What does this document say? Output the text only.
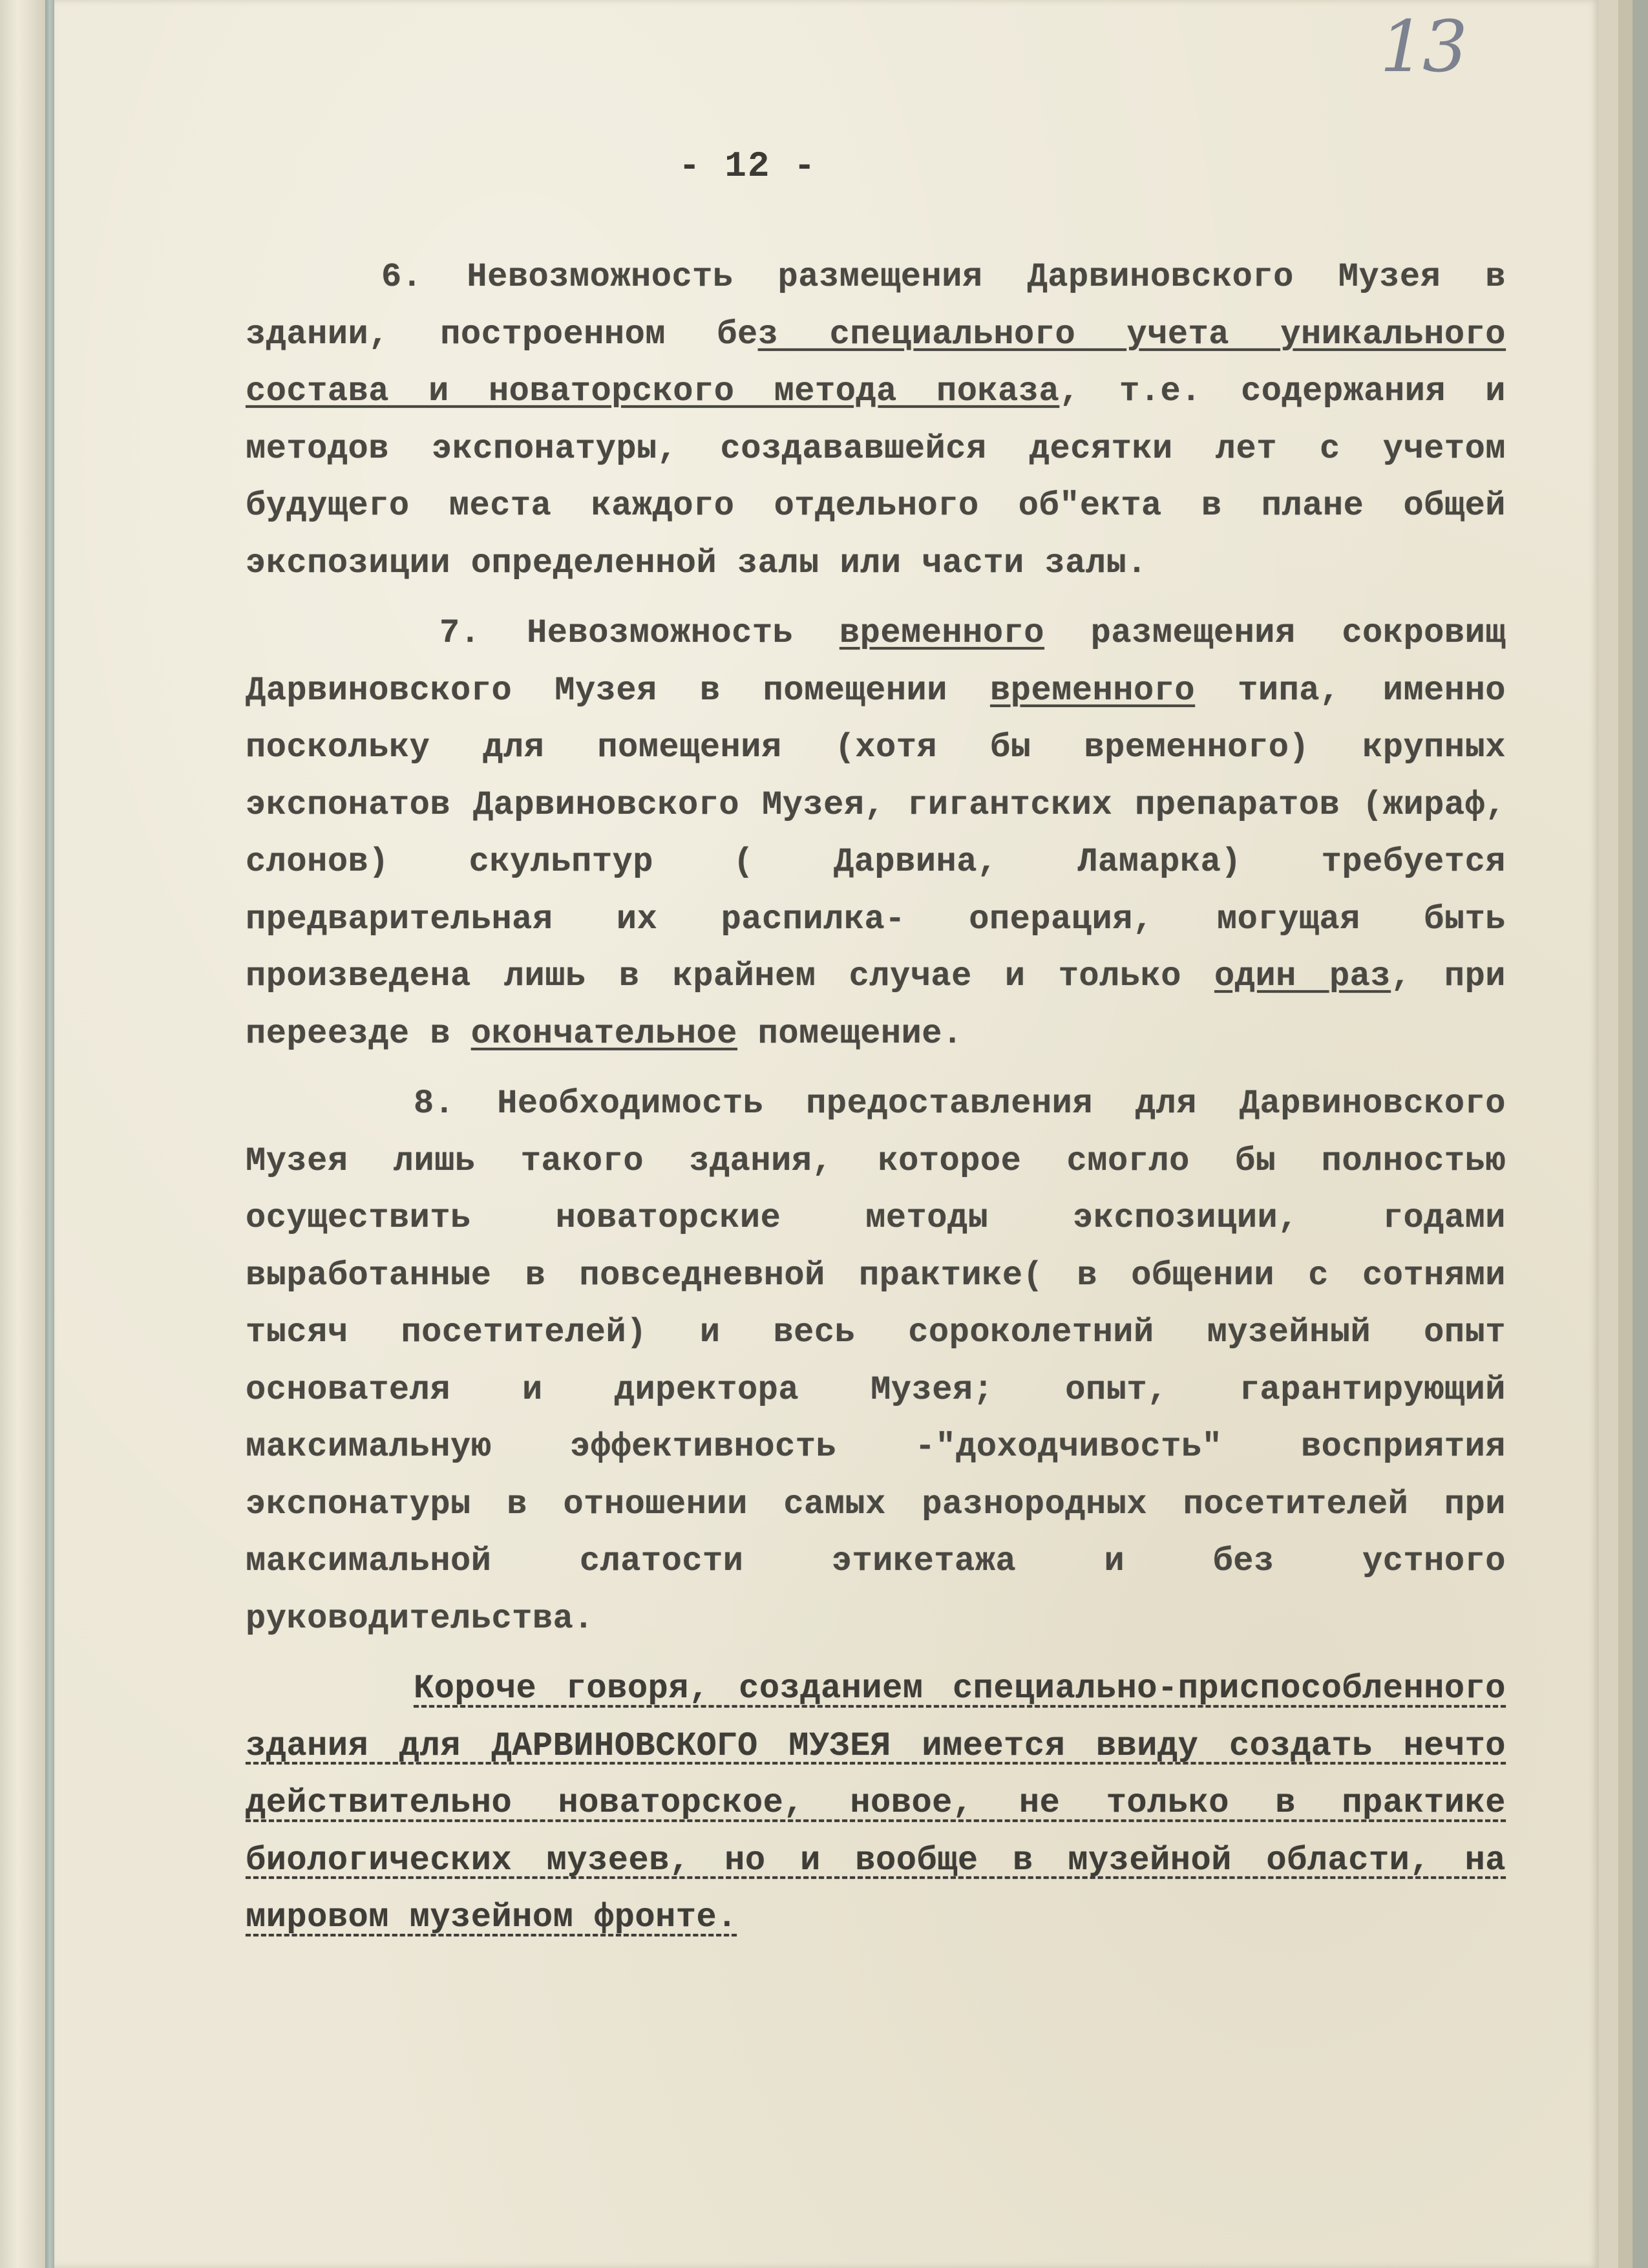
13
- 12 -

6. Невозможность размещения Дарвиновского Музея в здании, построенном без специального учета уникального состава и новаторского метода показа, т.е. содержания и методов экспонатуры, создававшейся десятки лет с учетом будущего места каждого отдельного об"екта в плане общей экспозиции определенной залы или части залы.

7. Невозможность временного размещения сокровищ Дарвиновского Музея в помещении временного типа, именно поскольку для помещения (хотя бы временного) крупных экспонатов Дарвиновского Музея, гигантских препаратов (жираф, слонов) скульптур ( Дарвина, Ламарка) требуется предварительная их распилка- операция, могущая быть произведена лишь в крайнем случае и только один раз, при переезде в окончательное помещение.

8. Необходимость предоставления для Дарвиновского Музея лишь такого здания, которое смогло бы полностью осуществить новаторские методы экспозиции, годами выработанные в повседневной практике( в общении с сотнями тысяч посетителей) и весь сороколетний музейный опыт основателя и директора Музея; опыт, гарантирующий максимальную эффективность -"доходчивость" восприятия экспонатуры в отношении самых разнородных посетителей при максимальной слатости этикетажа и без устного руководительства.

Короче говоря, созданием специально-приспособленного здания для ДАРВИНОВСКОГО МУЗЕЯ имеется ввиду создать нечто действительно новаторское, новое, не только в практике биологических музеев, но и вообще в музейной области, на мировом музейном фронте.
